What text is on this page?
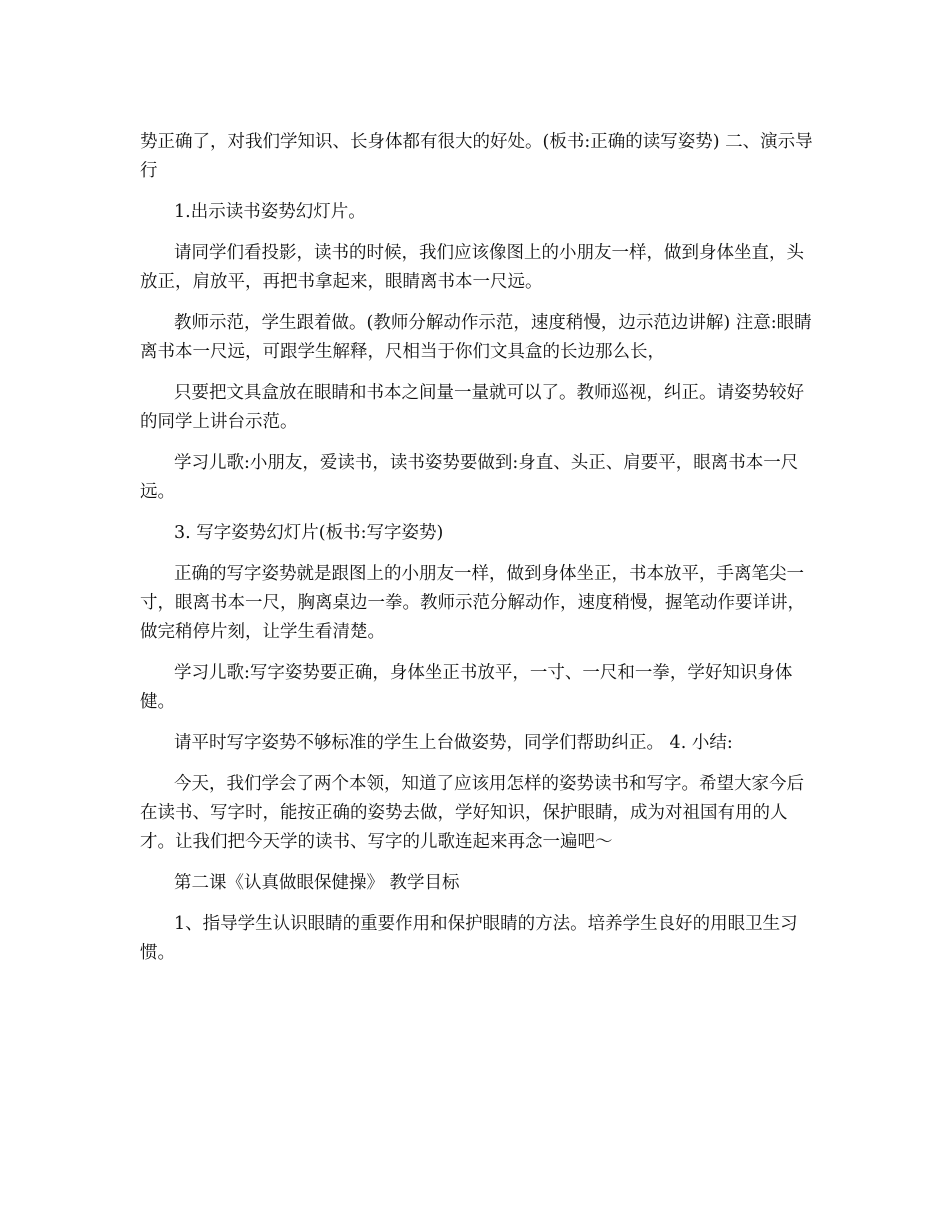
势正确了，对我们学知识、长身体都有很大的好处。(板书:正确的读写姿势) 二、演示导行

1.出示读书姿势幻灯片。

请同学们看投影，读书的时候，我们应该像图上的小朋友一样，做到身体坐直，头放正，肩放平，再把书拿起来，眼睛离书本一尺远。

教师示范，学生跟着做。(教师分解动作示范，速度稍慢，边示范边讲解) 注意:眼睛离书本一尺远，可跟学生解释，尺相当于你们文具盒的长边那么长，

只要把文具盒放在眼睛和书本之间量一量就可以了。教师巡视，纠正。请姿势较好的同学上讲台示范。

学习儿歌:小朋友，爱读书，读书姿势要做到:身直、头正、肩要平，眼离书本一尺远。

3. 写字姿势幻灯片(板书:写字姿势)

正确的写字姿势就是跟图上的小朋友一样，做到身体坐正，书本放平，手离笔尖一寸，眼离书本一尺，胸离桌边一拳。教师示范分解动作，速度稍慢，握笔动作要详讲，做完稍停片刻，让学生看清楚。

学习儿歌:写字姿势要正确，身体坐正书放平，一寸、一尺和一拳，学好知识身体健。

请平时写字姿势不够标准的学生上台做姿势，同学们帮助纠正。 4. 小结:

今天，我们学会了两个本领，知道了应该用怎样的姿势读书和写字。希望大家今后在读书、写字时，能按正确的姿势去做，学好知识，保护眼睛，成为对祖国有用的人才。让我们把今天学的读书、写字的儿歌连起来再念一遍吧～

第二课《认真做眼保健操》 教学目标

1、指导学生认识眼睛的重要作用和保护眼睛的方法。培养学生良好的用眼卫生习惯。
